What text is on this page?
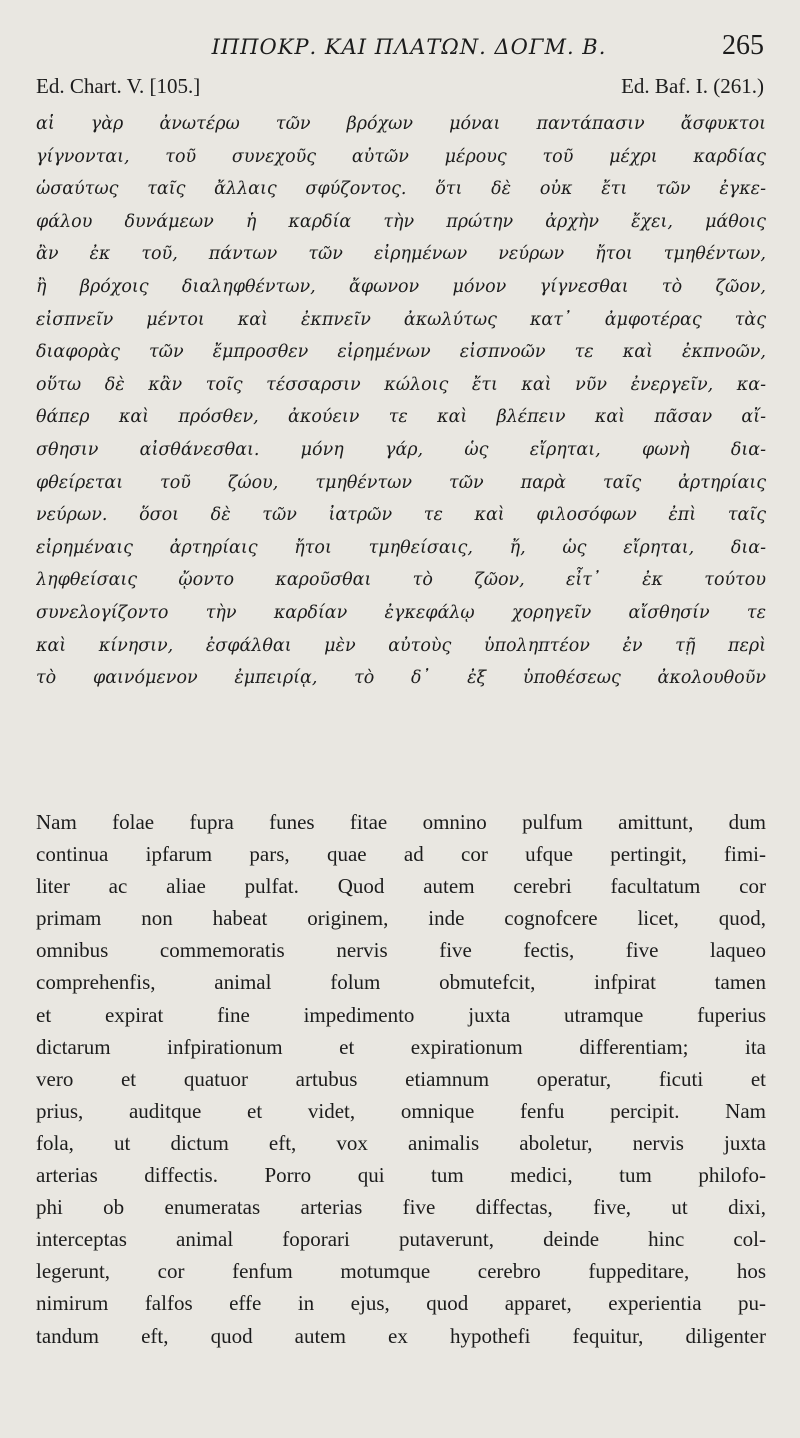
ΙΠΠΟΚΡ. ΚΑΙ ΠΛΑΤΩΝ. ΔΟΓΜ. Β.	265
Ed. Chart. V. [105.]	Ed. Baf. I. (261.)
αἱ γὰρ ἀνωτέρω τῶν βρόχων μόναι παντάπασιν ἄσφυκτοι
γίγνονται, τοῦ συνεχοῦς αὐτῶν μέρους τοῦ μέχρι καρδίας
ὡσαύτως ταῖς ἄλλαις σφύζοντος. ὅτι δὲ οὐκ ἔτι τῶν ἐγκε-
φάλου δυνάμεων ἡ καρδία τὴν πρώτην ἀρχὴν ἔχει, μάθοις
ἂν ἐκ τοῦ, πάντων τῶν εἰρημένων νεύρων ἤτοι τμηθέντων,
ἢ βρόχοις διαληφθέντων, ἄφωνον μόνον γίγνεσθαι τὸ ζῶον,
εἰσπνεῖν μέντοι καὶ ἐκπνεῖν ἀκωλύτως κατ᾽ ἀμφοτέρας τὰς
διαφορὰς τῶν ἔμπροσθεν εἰρημένων εἰσπνοῶν τε καὶ ἐκπνοῶν,
οὕτω δὲ κἂν τοῖς τέσσαρσιν κώλοις ἔτι καὶ νῦν ἐνεργεῖν, κα-
θάπερ καὶ πρόσθεν, ἀκούειν τε καὶ βλέπειν καὶ πᾶσαν αἴ-
σθησιν αἰσθάνεσθαι. μόνη γάρ, ὡς εἴρηται, φωνὴ δια-
φθείρεται τοῦ ζώου, τμηθέντων τῶν παρὰ ταῖς ἀρτηρίαις
νεύρων. ὅσοι δὲ τῶν ἰατρῶν τε καὶ φιλοσόφων ἐπὶ ταῖς
εἰρημέναις ἀρτηρίαις ἤτοι τμηθείσαις, ἤ, ὡς εἴρηται, δια-
ληφθείσαις ᾤοντο καροῦσθαι τὸ ζῶον, εἶτ᾽ ἐκ τούτου
συνελογίζοντο τὴν καρδίαν ἐγκεφάλῳ χορηγεῖν αἴσθησίν τε
καὶ κίνησιν, ἐσφάλθαι μὲν αὐτοὺς ὑποληπτέον ἐν τῇ περὶ
τὸ φαινόμενον ἐμπειρίᾳ, τὸ δ᾽ ἐξ ὑποθέσεως ἀκολουθοῦν
Nam folae fupra funes fitae omnino pulfum amittunt, dum
continua ipfarum pars, quae ad cor ufque pertingit, fimi-
liter ac aliae pulfat. Quod autem cerebri facultatum cor
primam non habeat originem, inde cognofcere licet, quod,
omnibus commemoratis nervis five fectis, five laqueo
comprehenfis, animal folum obmutefcit, infpirat tamen
et expirat fine impedimento juxta utramque fuperius
dictarum infpirationum et expirationum differentiam; ita
vero et quatuor artubus etiamnum operatur, ficuti et
prius, auditque et videt, omnique fenfu percipit. Nam
fola, ut dictum eft, vox animalis aboletur, nervis juxta
arterias diffectis. Porro qui tum medici, tum philofo-
phi ob enumeratas arterias five diffectas, five, ut dixi,
interceptas animal foporari putaverunt, deinde hinc col-
legerunt, cor fenfum motumque cerebro fuppeditare, hos
nimirum falfos effe in ejus, quod apparet, experientia pu-
tandum eft, quod autem ex hypothefi fequitur, diligenter
